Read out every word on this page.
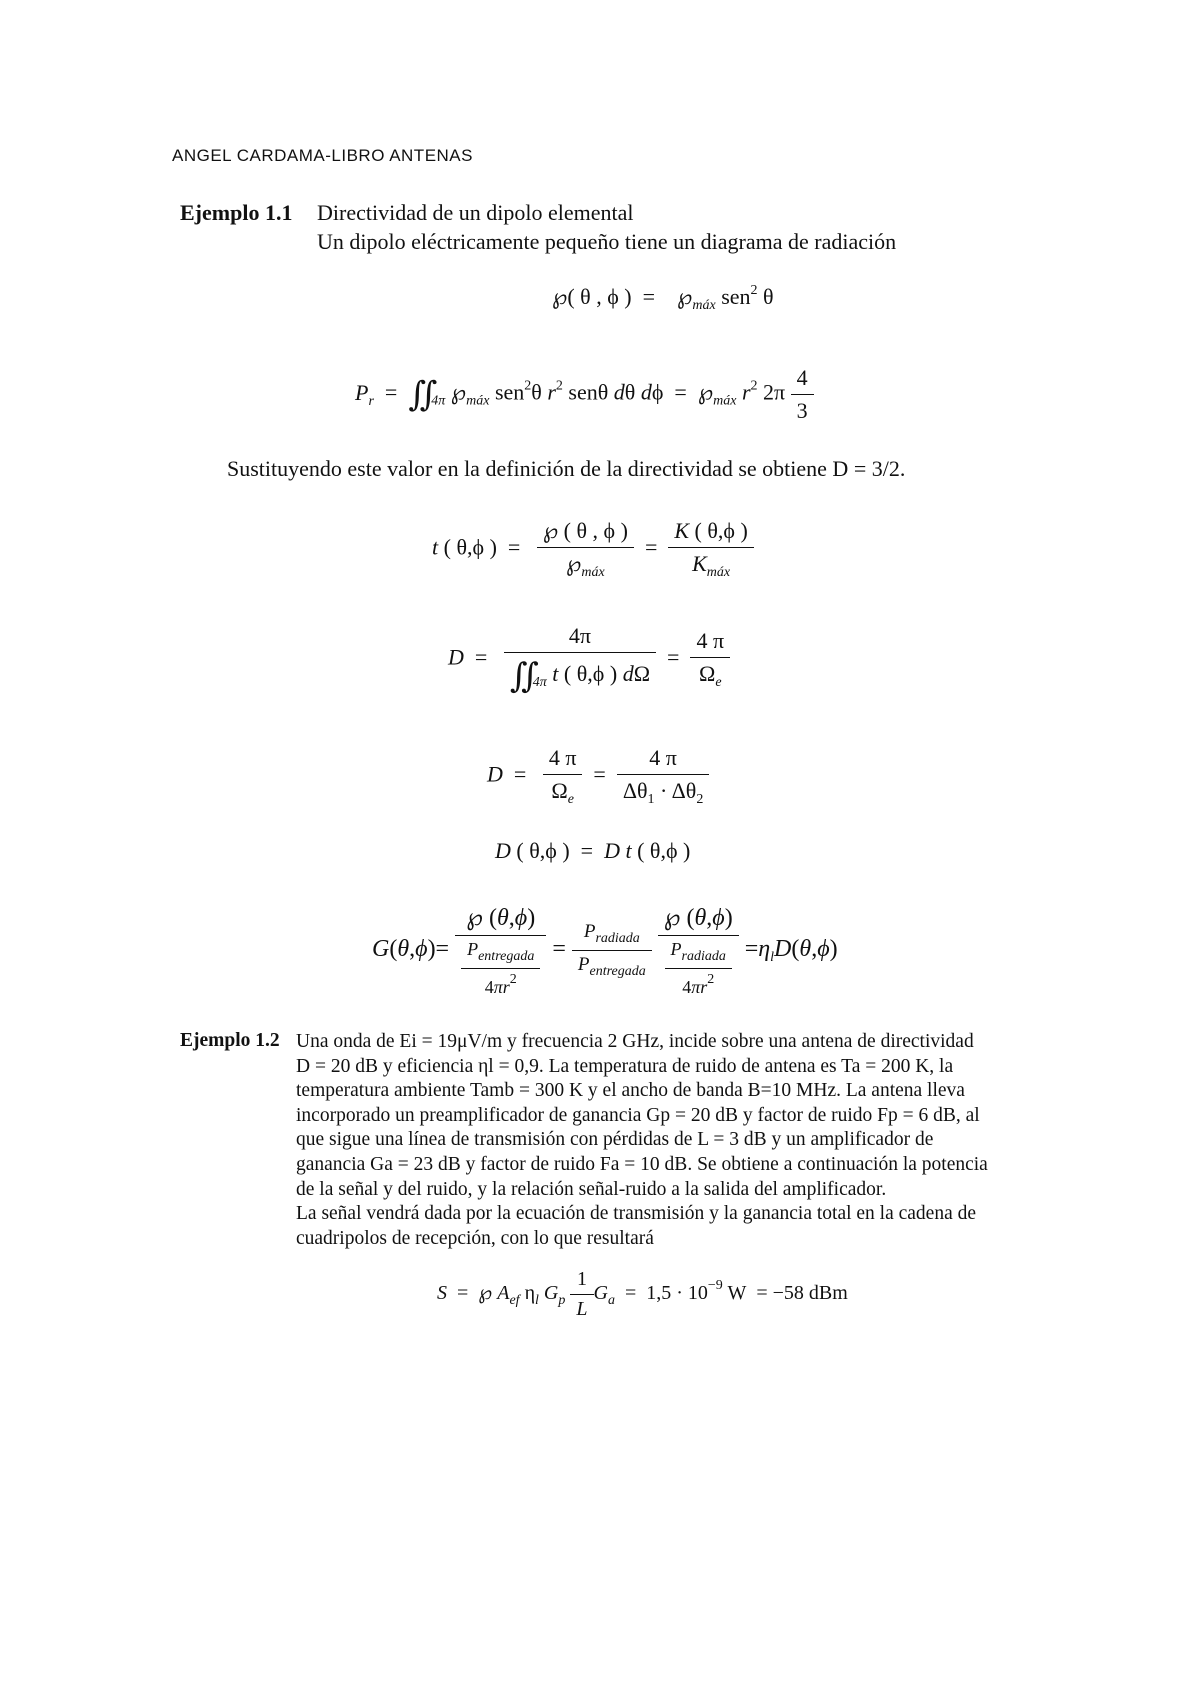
ANGEL CARDAMA-LIBRO ANTENAS
Ejemplo 1.1 Directividad de un dipolo elemental
Un dipolo eléctricamente pequeño tiene un diagrama de radiación
℘( θ , ϕ )  =    $℘_{máx}$ sen$^2$ θ
$P_r$  =  $∬_{4\pi}$ $℘_{máx}$ sen$^2$θ $r^2$ senθ dθ $d\phi = ℘_{máx}$ $r^2$ $2\pi \frac{4}{3}$
Sustituyendo este valor en la definición de la directividad se obtiene D = 3/2.
t ( θ,ϕ )  = $\frac{℘ ( \theta , \phi )}{℘_{máx}} = \frac{K ( \theta,\phi )}{K_{máx}}$
$D = \frac{4\pi}{∬_{4\pi} t ( \theta,\phi ) d\Omega} = \frac{4 \pi}{\Omega_e}$
$D = \frac{4 \pi}{\Omega_e} = \frac{4 \pi}{\Delta\theta_1 \cdot \Delta\theta_2}$
D ( θ,ϕ )  =  D t ( θ,ϕ )
$G(\theta,\phi)= \frac{℘ (\theta,\phi)}{\frac{P_{entregada}}{4\pi r^2}} = \frac{P_{radiada}}{P_{entregada}}$
$\frac{℘ (\theta,\phi)}{\frac{P_{radiada}}{4\pi r^2}} =\eta_lD(\theta,\phi)$
Ejemplo 1.2 Una onda de Ei = 19μV/m y frecuencia 2 GHz, incide sobre una antena de directividad
D = 20 dB y eficiencia ηl = 0,9. La temperatura de ruido de antena es Ta = 200 K, la
temperatura ambiente Tamb = 300 K y el ancho de banda B=10 MHz. La antena lleva
incorporado un preamplificador de ganancia Gp = 20 dB y factor de ruido Fp = 6 dB, al
que sigue una línea de transmisión con pérdidas de L = 3 dB y un amplificador de
ganancia Ga = 23 dB y factor de ruido Fa = 10 dB. Se obtiene a continuación la potencia
de la señal y del ruido, y la relación señal-ruido a la salida del amplificador.
La señal vendrá dada por la ecuación de transmisión y la ganancia total en la cadena de
cuadripolos de recepción, con lo que resultará
S  =  ℘ $A_{ef}$ $\eta_l$ $G_p \frac{1}{L} G_a = 1,5 \cdot 10^{-9}$ W  = −58 dBm
